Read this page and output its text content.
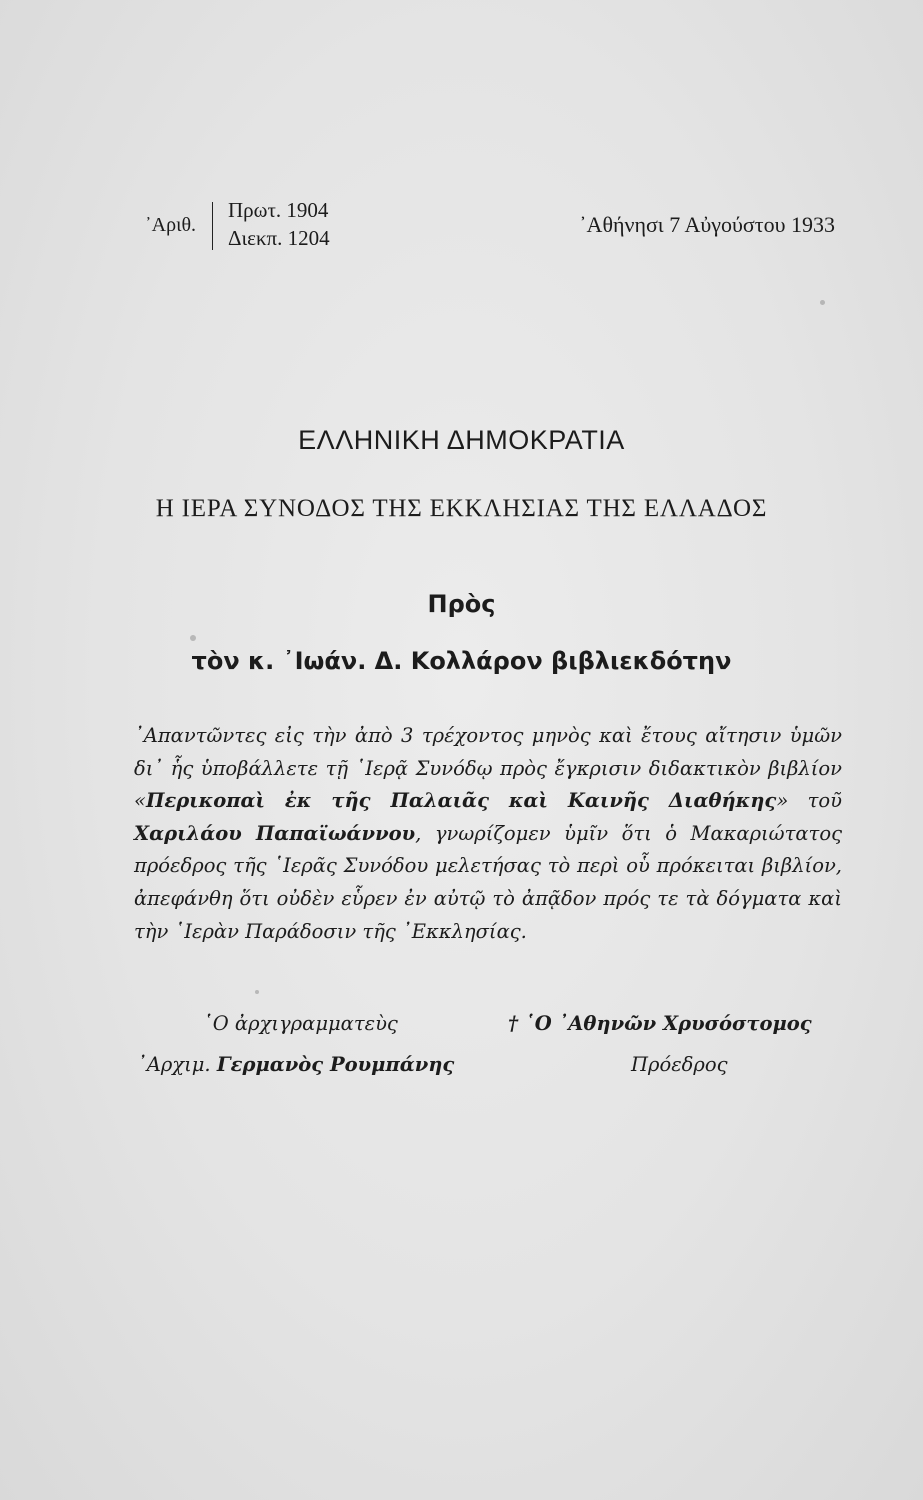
᾿Αριθ.
Πρωτ. 1904
Διεκπ. 1204
᾿Αθήνησι 7 Αὐγούστου 1933
ΕΛΛΗΝΙΚΗ ΔΗΜΟΚΡΑΤΙΑ
Η ΙΕΡΑ ΣΥΝΟΔΟΣ ΤΗΣ ΕΚΚΛΗΣΙΑΣ ΤΗΣ ΕΛΛΑΔΟΣ
Πρὸς
τὸν κ. ᾿Ιωάν. Δ. Κολλάρον βιβλιεκδότην
᾿Απαντῶντες εἰς τὴν ἀπὸ 3 τρέχοντος μηνὸς καὶ ἔτους αἴτησιν ὑμῶν δι᾿ ἧς ὑποβάλλετε τῇ ῾Ιερᾷ Συνόδῳ πρὸς ἔγκρισιν διδακτικὸν βιβλίον «Περικοπαὶ ἐκ τῆς Παλαιᾶς καὶ Καινῆς Διαθήκης» τοῦ Χαριλάου Παπαϊωάννου, γνωρίζομεν ὑμῖν ὅτι ὁ Μακαριώτατος πρόεδρος τῆς ῾Ιερᾶς Συνόδου μελετήσας τὸ περὶ οὗ πρόκειται βιβλίον, ἀπεφάνθη ὅτι οὐδὲν εὗρεν ἐν αὐτῷ τὸ ἀπᾷδον πρός τε τὰ δόγματα καὶ τὴν ῾Ιερὰν Παράδοσιν τῆς ᾿Εκκλησίας.
῾Ο ἀρχιγραμματεὺς
᾿Αρχιμ. Γερμανὸς Ρουμπάνης
† ῾Ο ᾿Αθηνῶν Χρυσόστομος
Πρόεδρος
